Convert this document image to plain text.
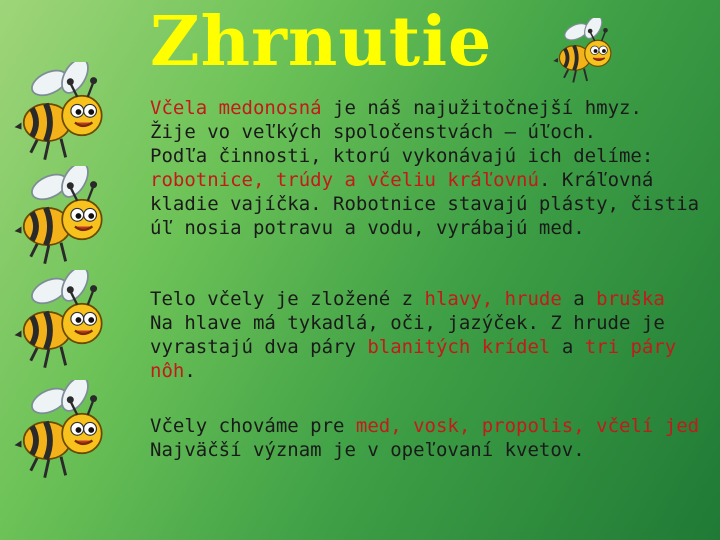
Zhrnutie
Včela medonosná je náš najužitočnejší hmyz.
Žije vo veľkých spoločenstvách – úľoch.
Podľa činnosti, ktorú vykonávajú ich delíme:
robotnice, trúdy a včeliu kráľovnú. Kráľovná
kladie vajíčka. Robotnice stavajú plásty, čistia
úľ nosia potravu a vodu, vyrábajú med.
Telo včely je zložené z hlavy, hrude a bruška
Na hlave má tykadlá, oči, jazýček. Z hrude je
vyrastajú dva páry blanitých krídel a tri páry
nôh.
Včely chováme pre med, vosk, propolis, včelí jed
Najväčší význam je v opeľovaní kvetov.
